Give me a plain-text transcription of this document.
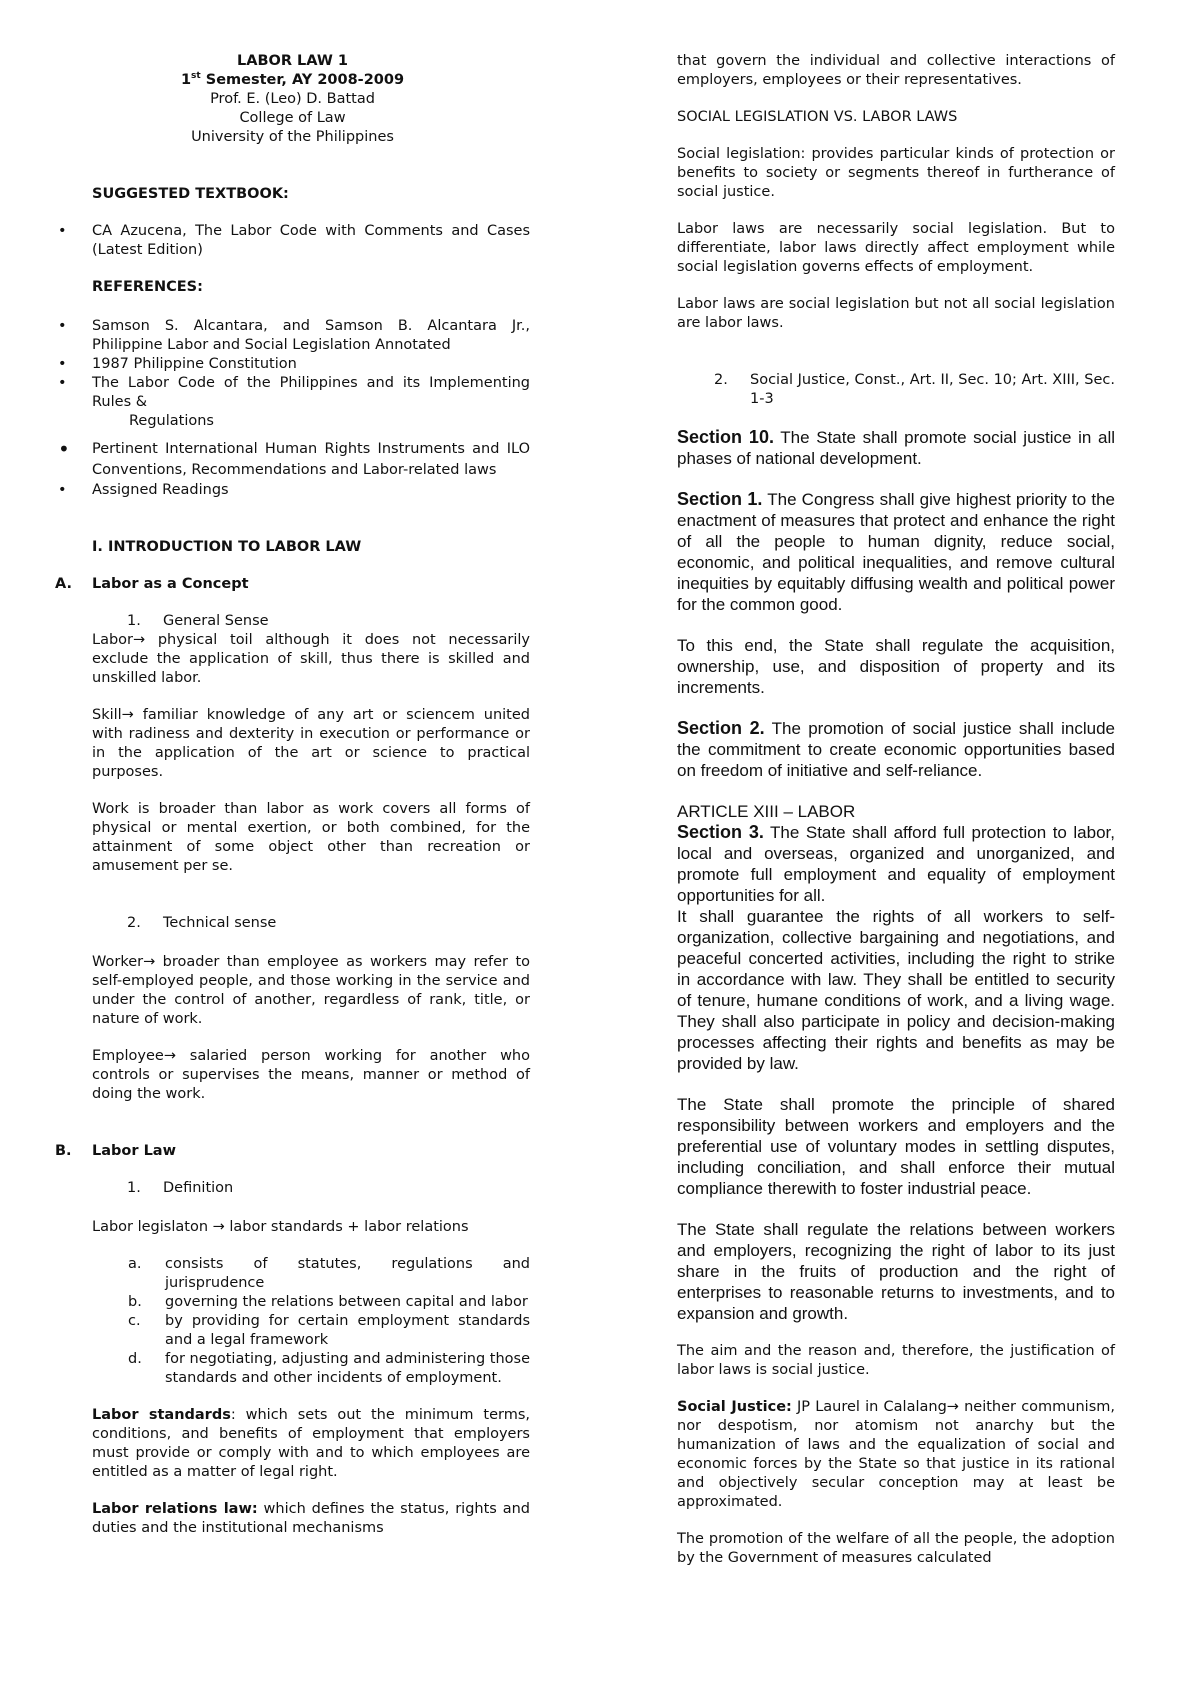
LABOR LAW 1

1st Semester, AY 2008-2009

Prof. E. (Leo) D. Battad

College of Law

University of the Philippines

SUGGESTED TEXTBOOK:

• CA Azucena, The Labor Code with Comments and Cases (Latest Edition)

REFERENCES:

• Samson S. Alcantara, and Samson B. Alcantara Jr., Philippine Labor and Social Legislation Annotated
• 1987 Philippine Constitution
• The Labor Code of the Philippines and its Implementing Rules &
Regulations
• Pertinent International Human Rights Instruments and ILO Conventions, Recommendations and Labor-related laws
• Assigned Readings

I. INTRODUCTION TO LABOR LAW

A. Labor as a Concept
1. General Sense

Labor→ physical toil although it does not necessarily exclude the application of skill, thus there is skilled and unskilled labor.

Skill→ familiar knowledge of any art or sciencem united with radiness and dexterity in execution or performance or in the application of the art or science to practical purposes.

Work is broader than labor as work covers all forms of physical or mental exertion, or both combined, for the attainment of some object other than recreation or amusement per se.

2. Technical sense

Worker→ broader than employee as workers may refer to self-employed people, and those working in the service and under the control of another, regardless of rank, title, or nature of work.

Employee→ salaried person working for another who controls or supervises the means, manner or method of doing the work.

B. Labor Law
1. Definition

Labor legislaton → labor standards + labor relations

a. consists of statutes, regulations and jurisprudence
b. governing the relations between capital and labor
c. by providing for certain employment standards and a legal framework
d. for negotiating, adjusting and administering those standards and other incidents of employment.

Labor standards: which sets out the minimum terms, conditions, and benefits of employment that employers must provide or comply with and to which employees are entitled as a matter of legal right.

Labor relations law: which defines the status, rights and duties and the institutional mechanisms

that govern the individual and collective interactions of employers, employees or their representatives.

SOCIAL LEGISLATION VS. LABOR LAWS

Social legislation: provides particular kinds of protection or benefits to society or segments thereof in furtherance of social justice.

Labor laws are necessarily social legislation. But to differentiate, labor laws directly affect employment while social legislation governs effects of employment.

Labor laws are social legislation but not all social legislation are labor laws.

2. Social Justice, Const., Art. II, Sec. 10; Art. XIII, Sec. 1-3

Section 10. The State shall promote social justice in all phases of national development.

Section 1. The Congress shall give highest priority to the enactment of measures that protect and enhance the right of all the people to human dignity, reduce social, economic, and political inequalities, and remove cultural inequities by equitably diffusing wealth and political power for the common good.

To this end, the State shall regulate the acquisition, ownership, use, and disposition of property and its increments.

Section 2. The promotion of social justice shall include the commitment to create economic opportunities based on freedom of initiative and self-reliance.

ARTICLE XIII – LABOR

Section 3. The State shall afford full protection to labor, local and overseas, organized and unorganized, and promote full employment and equality of employment opportunities for all.

It shall guarantee the rights of all workers to self-organization, collective bargaining and negotiations, and peaceful concerted activities, including the right to strike in accordance with law. They shall be entitled to security of tenure, humane conditions of work, and a living wage. They shall also participate in policy and decision-making processes affecting their rights and benefits as may be provided by law.

The State shall promote the principle of shared responsibility between workers and employers and the preferential use of voluntary modes in settling disputes, including conciliation, and shall enforce their mutual compliance therewith to foster industrial peace.

The State shall regulate the relations between workers and employers, recognizing the right of labor to its just share in the fruits of production and the right of enterprises to reasonable returns to investments, and to expansion and growth.

The aim and the reason and, therefore, the justification of labor laws is social justice.

Social Justice: JP Laurel in Calalang→ neither communism, nor despotism, nor atomism not anarchy but the humanization of laws and the equalization of social and economic forces by the State so that justice in its rational and objectively secular conception may at least be approximated.

The promotion of the welfare of all the people, the adoption by the Government of measures calculated
